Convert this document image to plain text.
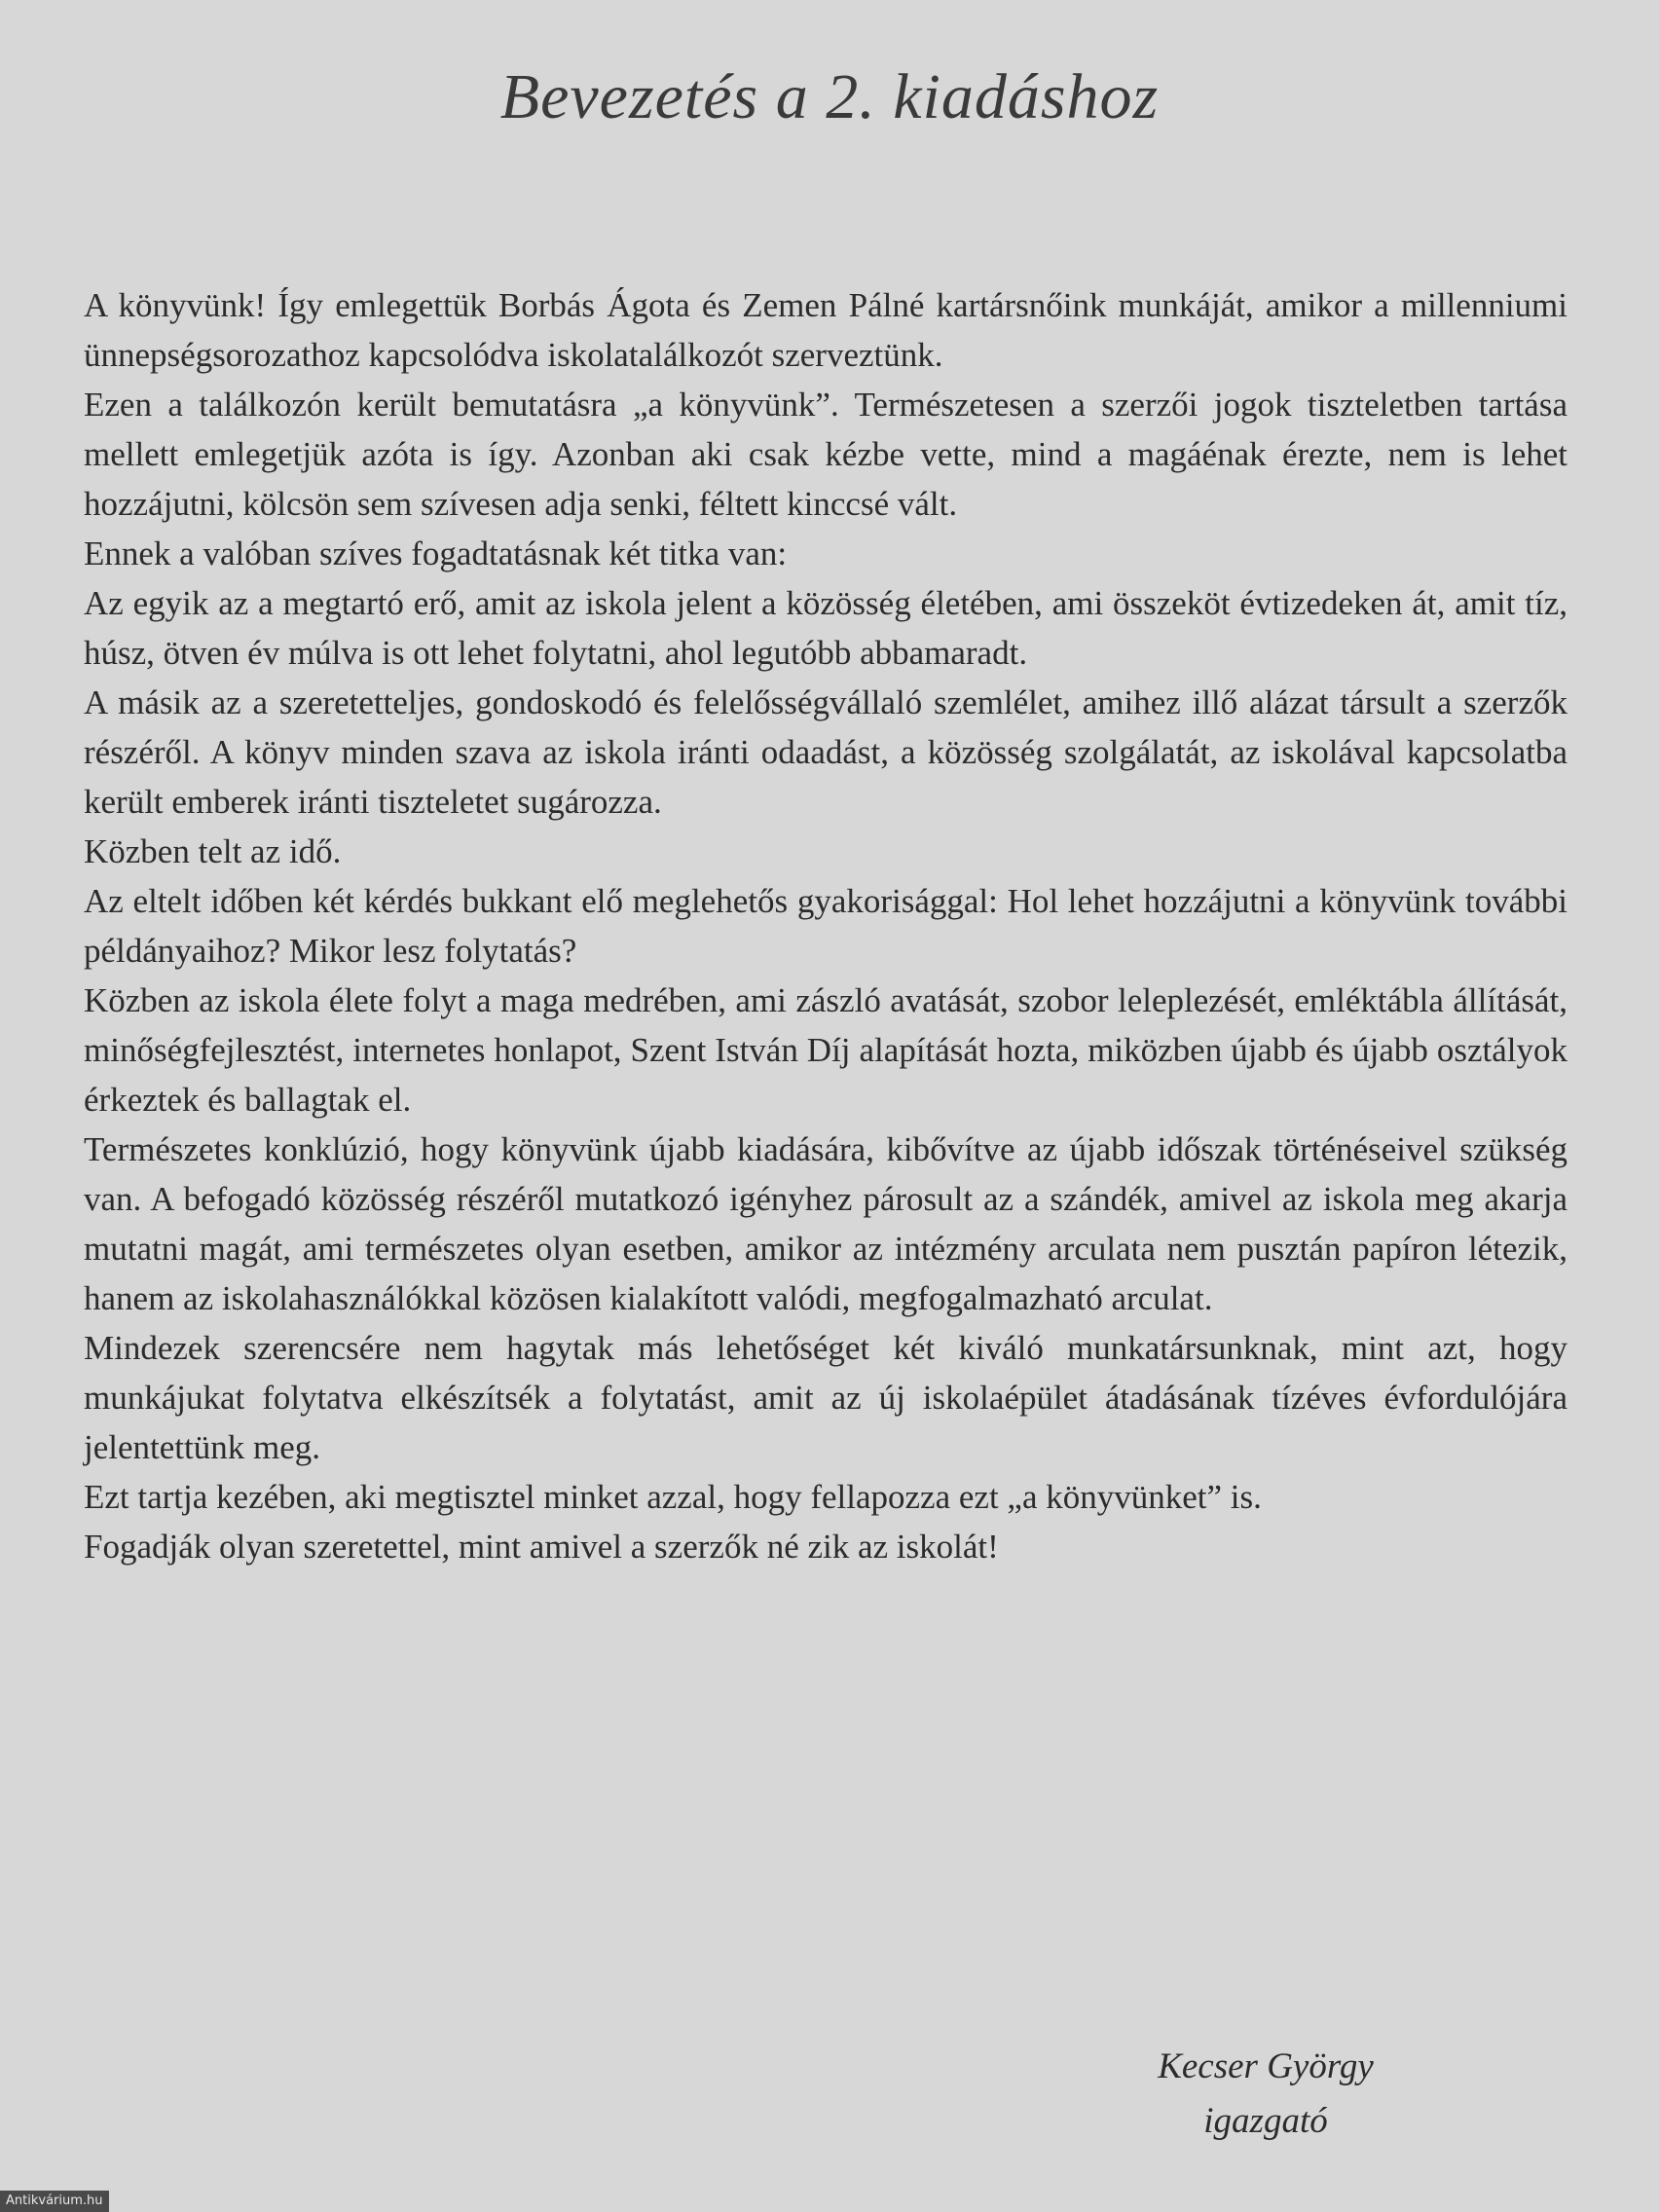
Bevezetés a 2. kiadáshoz

A könyvünk! Így emlegettük Borbás Ágota és Zemen Pálné kartársnőink munkáját, amikor a millenniumi ünnepségsorozathoz kapcsolódva iskolatalálkozót szerveztünk.

Ezen a találkozón került bemutatásra „a könyvünk”. Természetesen a szerzői jogok tiszteletben tartása mellett emlegetjük azóta is így. Azonban aki csak kézbe vette, mind a magáénak érezte, nem is lehet hozzájutni, kölcsön sem szívesen adja senki, féltett kinccsé vált.

Ennek a valóban szíves fogadtatásnak két titka van:

Az egyik az a megtartó erő, amit az iskola jelent a közösség életében, ami összeköt évtizedeken át, amit tíz, húsz, ötven év múlva is ott lehet folytatni, ahol legutóbb abbamaradt.

A másik az a szeretetteljes, gondoskodó és felelősségvállaló szemlélet, amihez illő alázat társult a szerzők részéről. A könyv minden szava az iskola iránti odaadást, a közösség szolgálatát, az iskolával kapcsolatba került emberek iránti tiszteletet sugározza.

Közben telt az idő.

Az eltelt időben két kérdés bukkant elő meglehetős gyakorisággal: Hol lehet hozzájutni a könyvünk további példányaihoz? Mikor lesz folytatás?

Közben az iskola élete folyt a maga medrében, ami zászló avatását, szobor leleplezését, emléktábla állítását, minőségfejlesztést, internetes honlapot, Szent István Díj alapítását hozta, miközben újabb és újabb osztályok érkeztek és ballagtak el.

Természetes konklúzió, hogy könyvünk újabb kiadására, kibővítve az újabb időszak történéseivel szükség van. A befogadó közösség részéről mutatkozó igényhez párosult az a szándék, amivel az iskola meg akarja mutatni magát, ami természetes olyan esetben, amikor az intézmény arculata nem pusztán papíron létezik, hanem az iskolahasználókkal közösen kialakított valódi, megfogalmazható arculat.

Mindezek szerencsére nem hagytak más lehetőséget két kiváló munkatársunknak, mint azt, hogy munkájukat folytatva elkészítsék a folytatást, amit az új iskolaépület átadásának tízéves évfordulójára jelentettünk meg.

Ezt tartja kezében, aki megtisztel minket azzal, hogy fellapozza ezt „a könyvünket” is.

Fogadják olyan szeretettel, mint amivel a szerzők né zik az iskolát!

Kecser György
igazgató
Antikvárium.hu
